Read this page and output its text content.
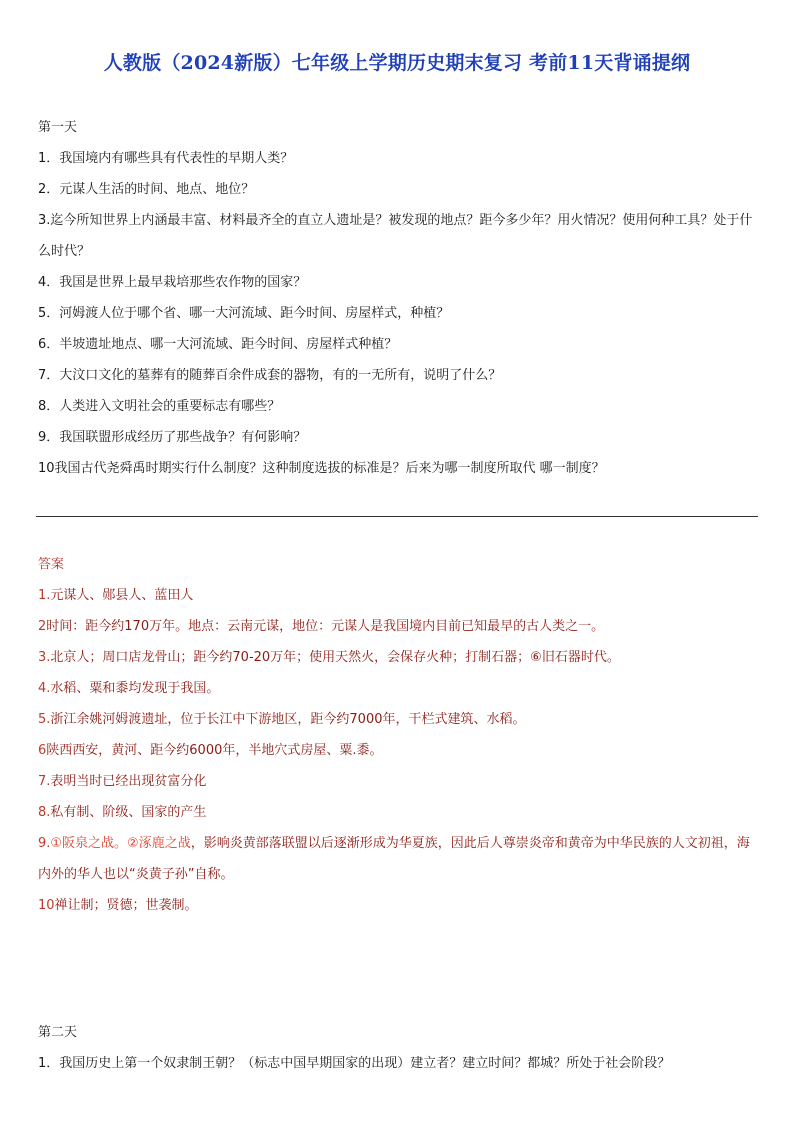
人教版（2024新版）七年级上学期历史期末复习 考前11天背诵提纲
第一天
1．我国境内有哪些具有代表性的早期人类？
2．元谋人生活的时间、地点、地位？
3.迄今所知世界上内涵最丰富、材料最齐全的直立人遗址是？被发现的地点？距今多少年？用火情况？使用何种工具？处于什么时代？
4．我国是世界上最早栽培那些农作物的国家？
5．河姆渡人位于哪个省、哪一大河流域、距今时间、房屋样式，种植？
6．半坡遗址地点、哪一大河流域、距今时间、房屋样式种植？
7．大汶口文化的墓葬有的随葬百余件成套的器物，有的一无所有，说明了什么？
8．人类进入文明社会的重要标志有哪些？
9．我国联盟形成经历了那些战争？有何影响？
10我国古代尧舜禹时期实行什么制度？这种制度选拔的标准是？后来为哪一制度所取代 哪一制度？
答案
1.元谋人、郧县人、蓝田人
2时间：距今约170万年。地点：云南元谋，地位：元谋人是我国境内目前已知最早的古人类之一。
3.北京人；周口店龙骨山；距今约70-20万年；使用天然火，会保存火种；打制石器；⑥旧石器时代。
4.水稻、粟和黍均发现于我国。
5.浙江余姚河姆渡遗址，位于长江中下游地区，距今约7000年，干栏式建筑、水稻。
6陕西西安，黄河、距今约6000年，半地穴式房屋、粟.黍。
7.表明当时已经出现贫富分化
8.私有制、阶级、国家的产生
9.①阪泉之战。②涿鹿之战，影响炎黄部落联盟以后逐渐形成为华夏族，因此后人尊崇炎帝和黄帝为中华民族的人文初祖，海内外的华人也以“炎黄子孙”自称。
10禅让制；贤德；世袭制。
第二天
1．我国历史上第一个奴隶制王朝？（标志中国早期国家的出现）建立者？建立时间？都城？所处于社会阶段？
